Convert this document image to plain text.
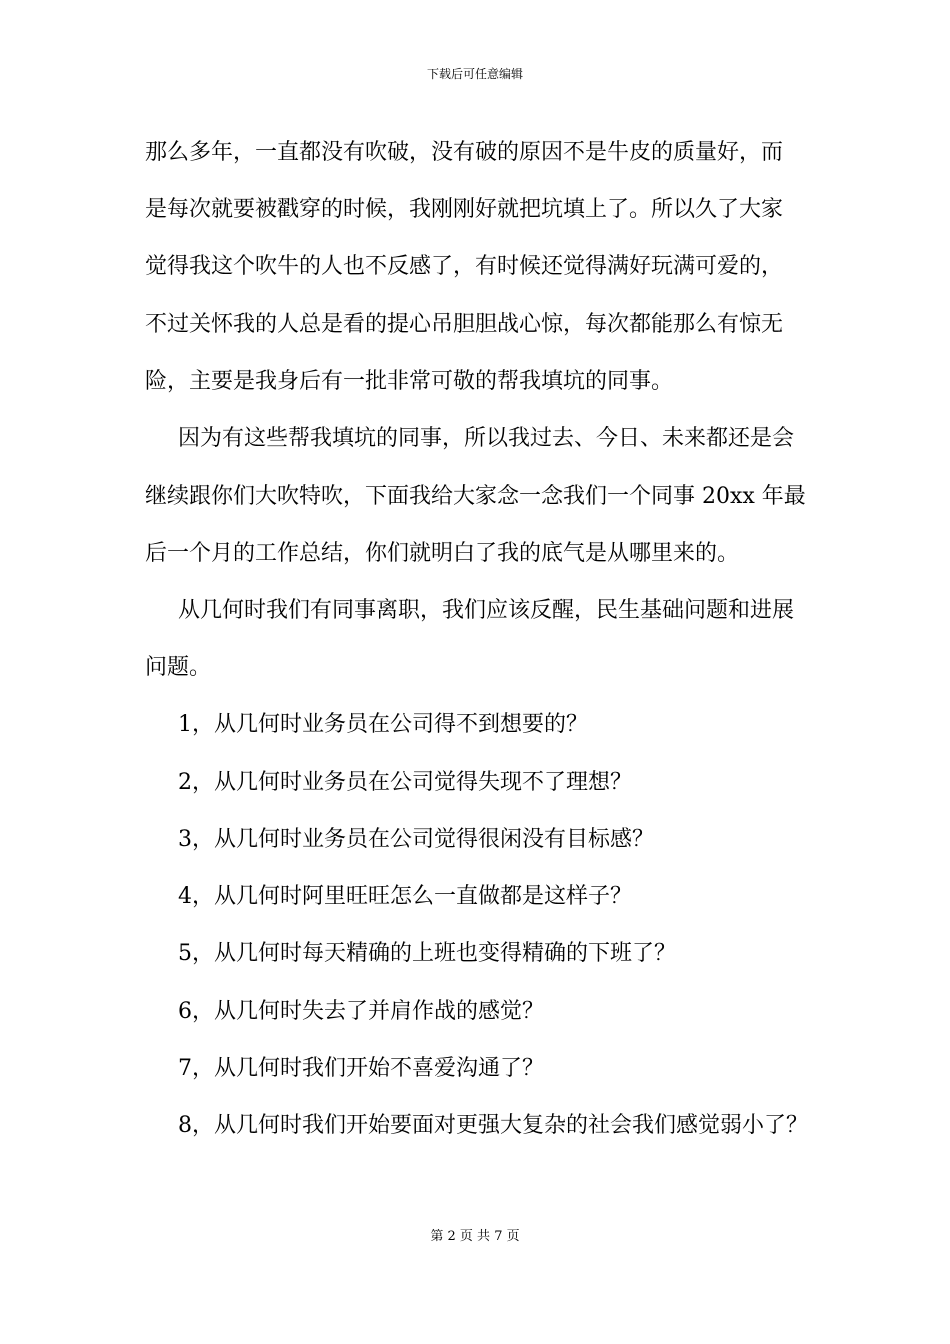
下载后可任意编辑
那么多年，一直都没有吹破，没有破的原因不是牛皮的质量好，而
是每次就要被戳穿的时候，我刚刚好就把坑填上了。所以久了大家
觉得我这个吹牛的人也不反感了，有时候还觉得满好玩满可爱的，
不过关怀我的人总是看的提心吊胆胆战心惊，每次都能那么有惊无
险，主要是我身后有一批非常可敬的帮我填坑的同事。
因为有这些帮我填坑的同事，所以我过去、今日、未来都还是会
继续跟你们大吹特吹，下面我给大家念一念我们一个同事 20xx 年最
后一个月的工作总结，你们就明白了我的底气是从哪里来的。
从几何时我们有同事离职，我们应该反醒，民生基础问题和进展
问题。
1，从几何时业务员在公司得不到想要的？
2，从几何时业务员在公司觉得失现不了理想？
3，从几何时业务员在公司觉得很闲没有目标感？
4，从几何时阿里旺旺怎么一直做都是这样子？
5，从几何时每天精确的上班也变得精确的下班了？
6，从几何时失去了并肩作战的感觉？
7，从几何时我们开始不喜爱沟通了？
8，从几何时我们开始要面对更强大复杂的社会我们感觉弱小了？
第 2 页 共 7 页
